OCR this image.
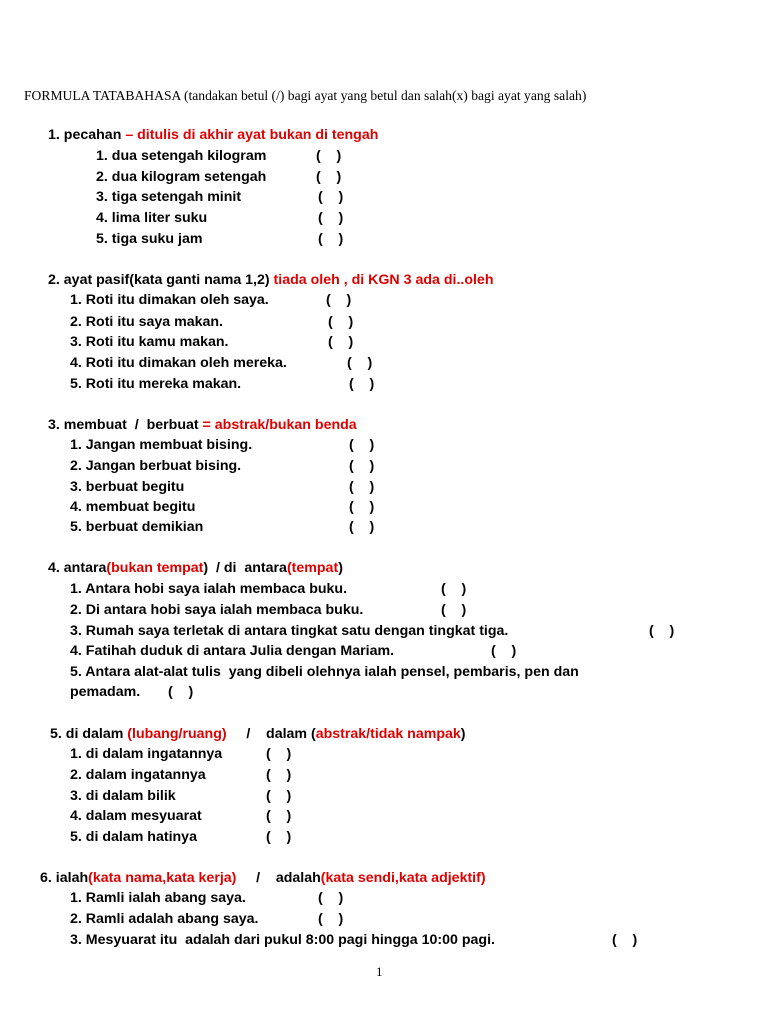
FORMULA TATABAHASA (tandakan betul (/) bagi ayat yang betul dan salah(x) bagi ayat yang salah)
1. pecahan – ditulis di akhir ayat bukan di tengah
1. dua setengah kilogram	(    )
2. dua kilogram setengah	(    )
3. tiga setengah minit	(    )
4. lima liter suku	(    )
5. tiga suku jam	(    )
2. ayat pasif(kata ganti nama 1,2) tiada oleh , di KGN 3 ada di..oleh
1. Roti itu dimakan oleh saya.	(    )
2. Roti itu saya makan.	(    )
3. Roti itu kamu makan.	(    )
4. Roti itu dimakan oleh mereka.	(    )
5. Roti itu mereka makan.	(    )
3. membuat  /  berbuat = abstrak/bukan benda
1. Jangan membuat bising.	(    )
2. Jangan berbuat bising.	(    )
3. berbuat begitu	(    )
4. membuat begitu	(    )
5. berbuat demikian	(    )
4. antara(bukan tempat)  / di  antara(tempat)
1. Antara hobi saya ialah membaca buku.	(    )
2. Di antara hobi saya ialah membaca buku.	(    )
3. Rumah saya terletak di antara tingkat satu dengan tingkat tiga.	(    )
4. Fatihah duduk di antara Julia dengan Mariam.	(    )
5. Antara alat-alat tulis  yang dibeli olehnya ialah pensel, pembaris, pen dan
pemadam. (    )
5. di dalam (lubang/ruang)     /    dalam (abstrak/tidak nampak)
1. di dalam ingatannya	(    )
2. dalam ingatannya	(    )
3. di dalam bilik	(    )
4. dalam mesyuarat	(    )
5. di dalam hatinya	(    )
6. ialah(kata nama,kata kerja)     /    adalah(kata sendi,kata adjektif)
1. Ramli ialah abang saya.	(    )
2. Ramli adalah abang saya.	(    )
3. Mesyuarat itu  adalah dari pukul 8:00 pagi hingga 10:00 pagi.	(    )
1
